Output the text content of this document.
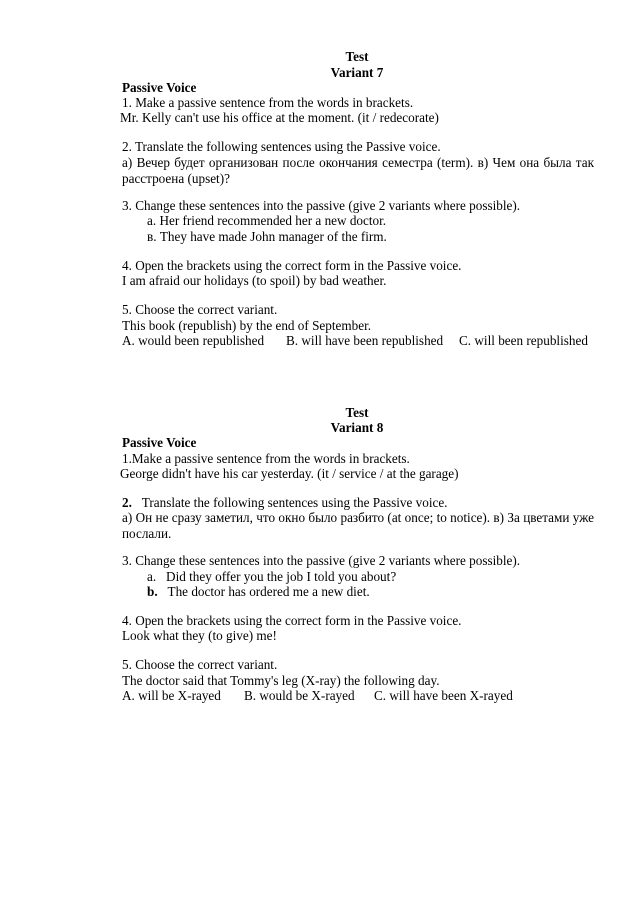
Test
Variant 7
Passive Voice
1. Make a passive sentence from the words in brackets.
Mr. Kelly can't use his office at the moment. (it / redecorate)
2. Translate the following sentences using the Passive voice.
а) Вечер будет организован после окончания семестра (term). в) Чем она была так расстроена (upset)?
3. Change these sentences into the passive (give 2 variants where possible).
а. Her friend recommended her a new doctor.
в. They have made John manager of the firm.
4. Open the brackets using the correct form in the Passive voice.
I am afraid our holidays (to spoil) by bad weather.
5. Choose the correct variant.
This book (republish) by the end of September.
A. would been republished B. will have been republished C. will been republished
Test
Variant 8
Passive Voice
1.Make a passive sentence from the words in brackets.
George didn't have his car yesterday. (it / service / at the garage)
2. Translate the following sentences using the Passive voice.
а) Он не сразу заметил, что окно было разбито (at once; to notice). в) За цветами уже послали.
3. Change these sentences into the passive (give 2 variants where possible).
a. Did they offer you the job I told you about?
b. The doctor has ordered me a new diet.
4. Open the brackets using the correct form in the Passive voice.
Look what they (to give) me!
5. Choose the correct variant.
The doctor said that Tommy's leg (X-ray) the following day.
A. will be X-rayed B. would be X-rayed C. will have been X-rayed
